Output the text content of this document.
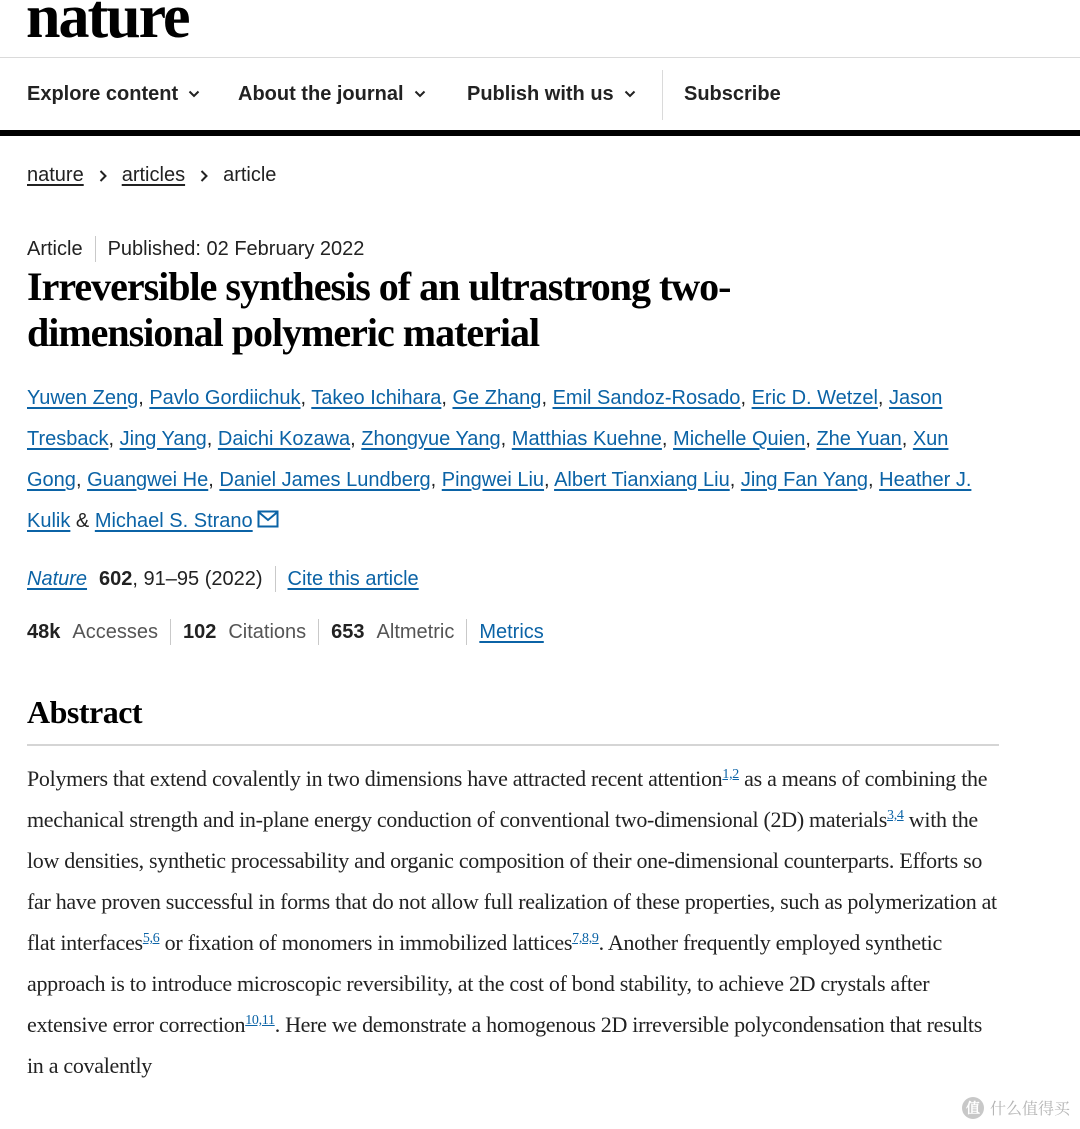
nature
Explore content	About the journal	Publish with us	Subscribe
nature articles article
Article Published: 02 February 2022
Irreversible synthesis of an ultrastrong two-dimensional polymeric material
Yuwen Zeng, Pavlo Gordiichuk, Takeo Ichihara, Ge Zhang, Emil Sandoz-Rosado, Eric D. Wetzel, Jason Tresback, Jing Yang, Daichi Kozawa, Zhongyue Yang, Matthias Kuehne, Michelle Quien, Zhe Yuan, Xun Gong, Guangwei He, Daniel James Lundberg, Pingwei Liu, Albert Tianxiang Liu, Jing Fan Yang, Heather J. Kulik & Michael S. Strano
Nature 602 , 91–95 (2022) Cite this article
48k Accesses 102 Citations 653 Altmetric Metrics
Abstract

Polymers that extend covalently in two dimensions have attracted recent attention$^{1,2}$ as a means of combining the mechanical strength and in-plane energy conduction of conventional two-dimensional (2D) materials$^{3,4}$ with the low densities, synthetic processability and organic composition of their one-dimensional counterparts. Efforts so far have proven successful in forms that do not allow full realization of these properties, such as polymerization at flat interfaces$^{5,6}$ or fixation of monomers in immobilized lattices$^{7,8,9}$. Another frequently employed synthetic approach is to introduce microscopic reversibility, at the cost of bond stability, to achieve 2D crystals after extensive error correction$^{10,11}$. Here we demonstrate a homogenous 2D irreversible polycondensation that results in a covalently

值 什么值得买
